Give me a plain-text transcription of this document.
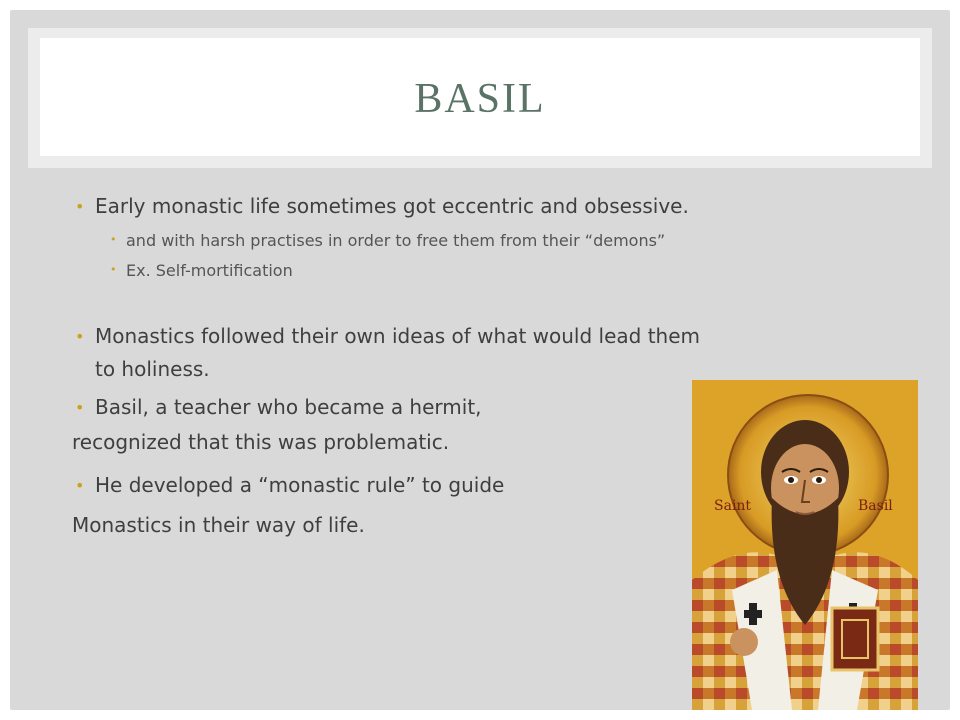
BASIL
• Early monastic life sometimes got eccentric and obsessive.
• and with harsh practises in order to free them from their “demons”
• Ex. Self-mortification
• Monastics followed their own ideas of what would lead them
to holiness.
• Basil, a teacher who became a hermit,
recognized that this was problematic.
• He developed a “monastic rule” to guide
Monastics in their way of life.
Saint	Basil
